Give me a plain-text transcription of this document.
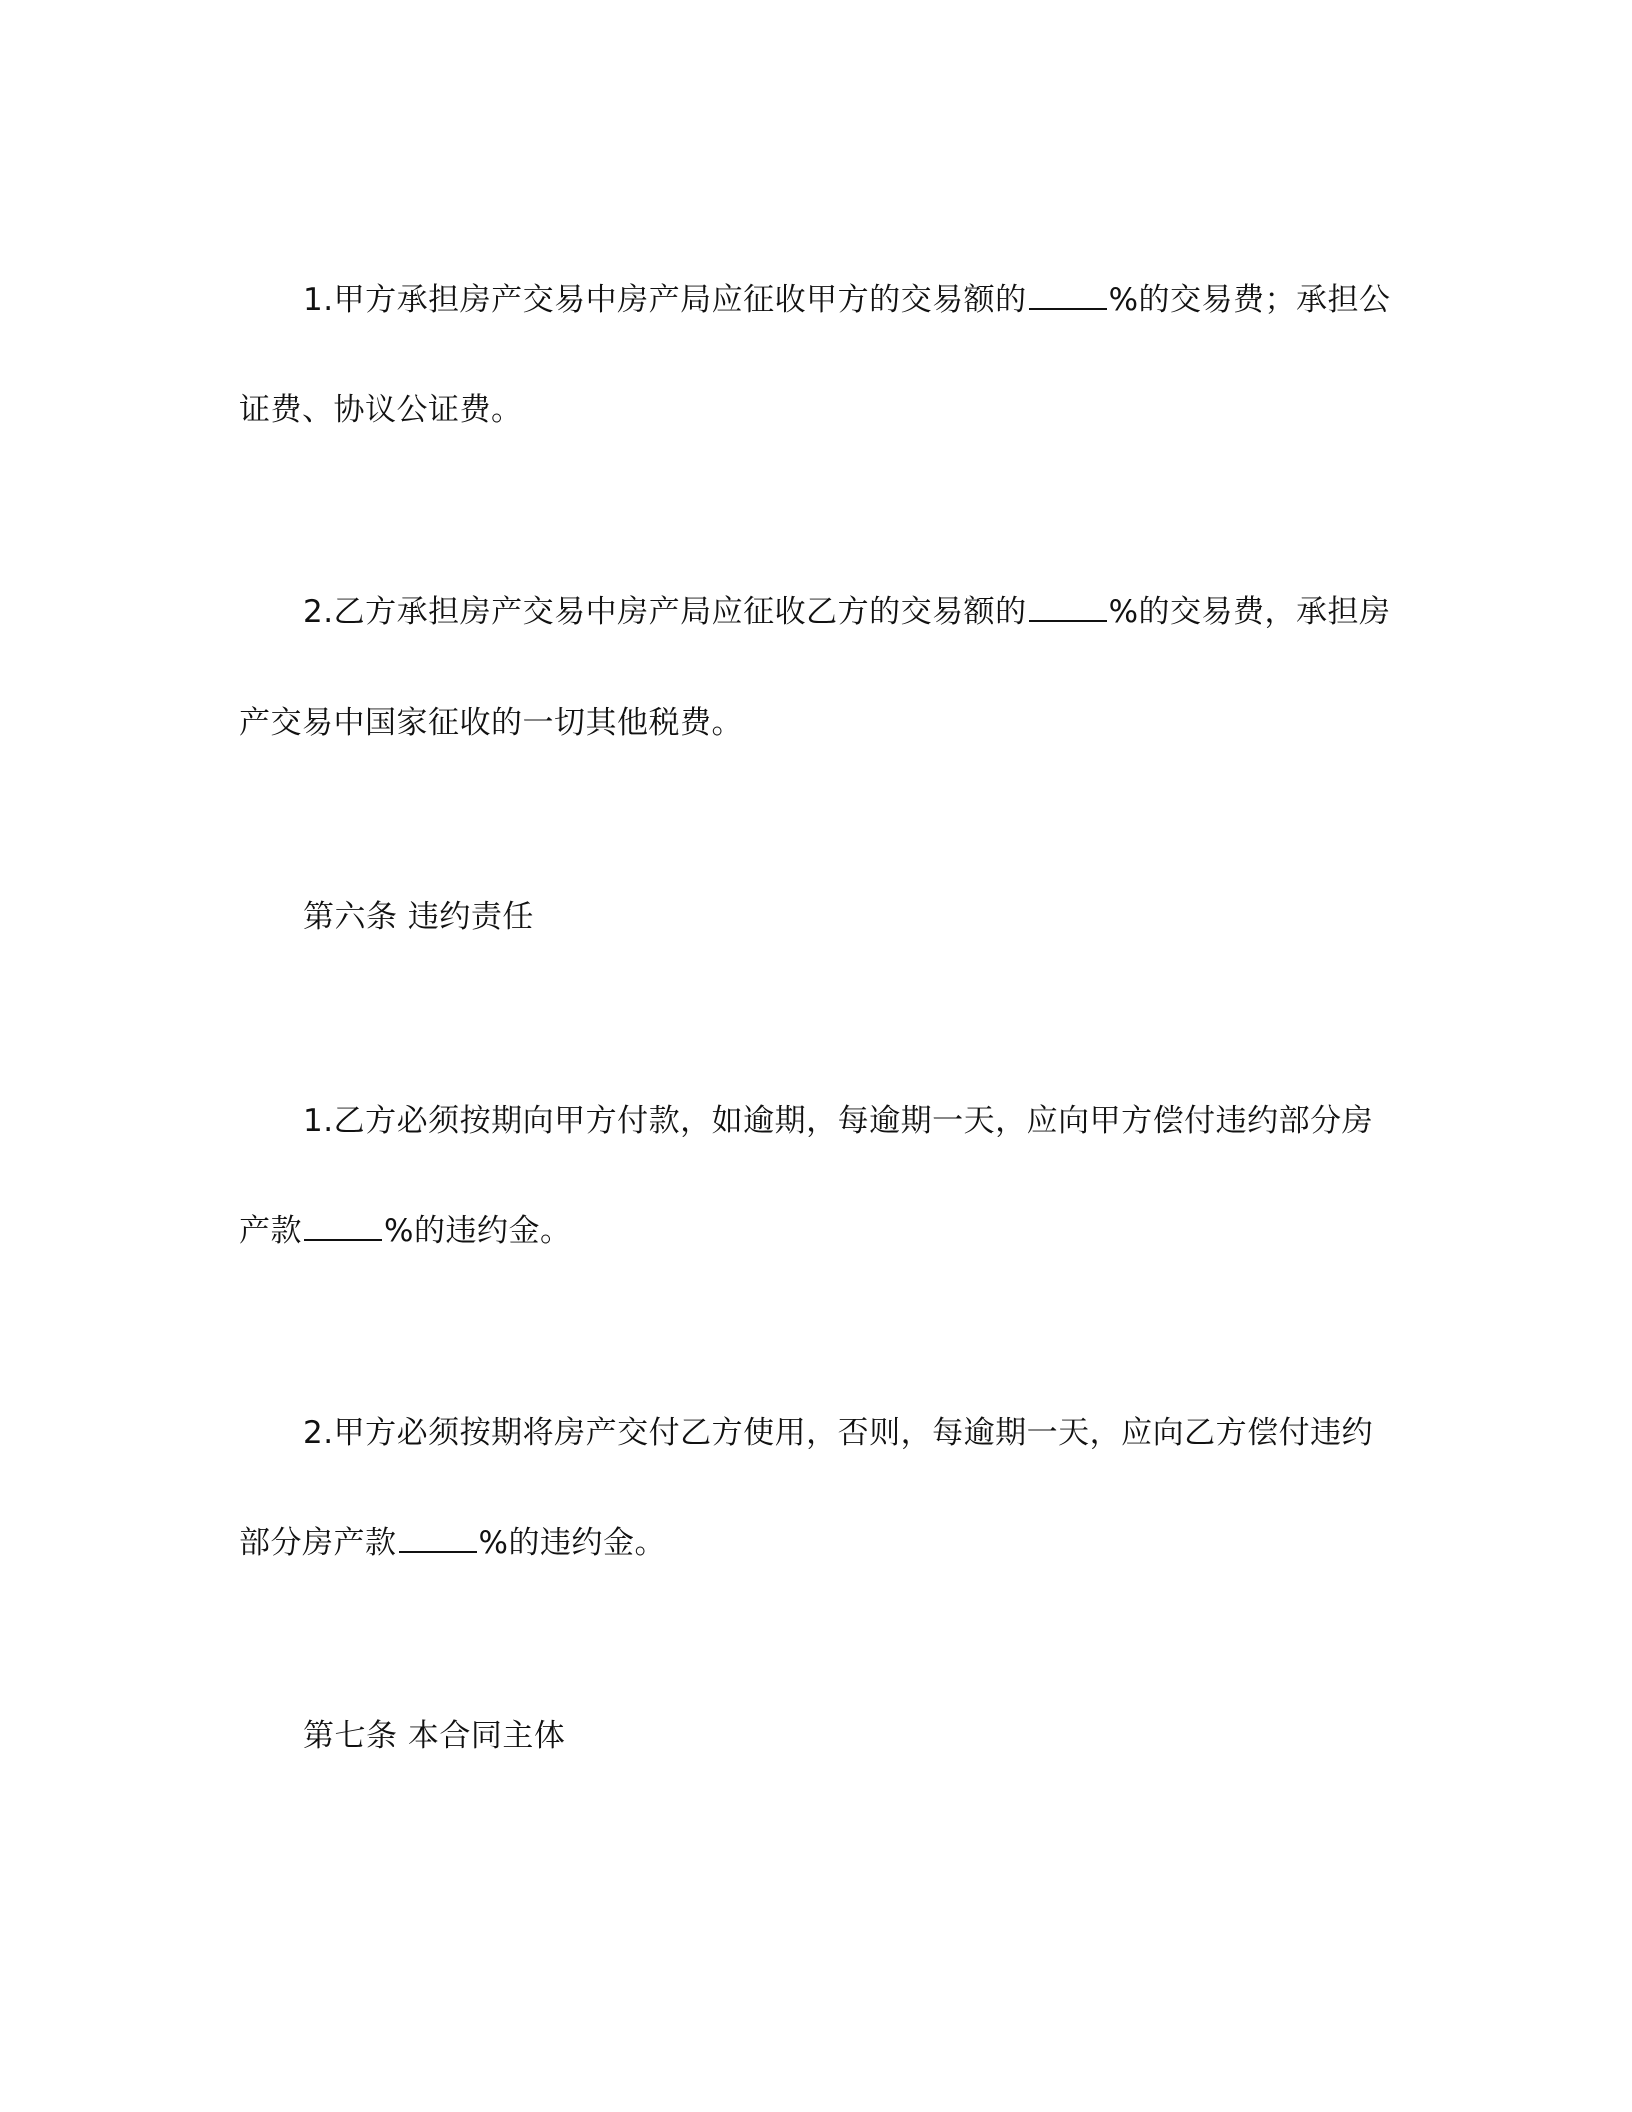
1.甲方承担房产交易中房产局应征收甲方的交易额的	%的交易费；承担公
证费、协议公证费。
2.乙方承担房产交易中房产局应征收乙方的交易额的	%的交易费，承担房
产交易中国家征收的一切其他税费。
第六条 违约责任
1.乙方必须按期向甲方付款，如逾期，每逾期一天，应向甲方偿付违约部分房
产款	%的违约金。
2.甲方必须按期将房产交付乙方使用，否则，每逾期一天，应向乙方偿付违约
部分房产款	%的违约金。
第七条 本合同主体
